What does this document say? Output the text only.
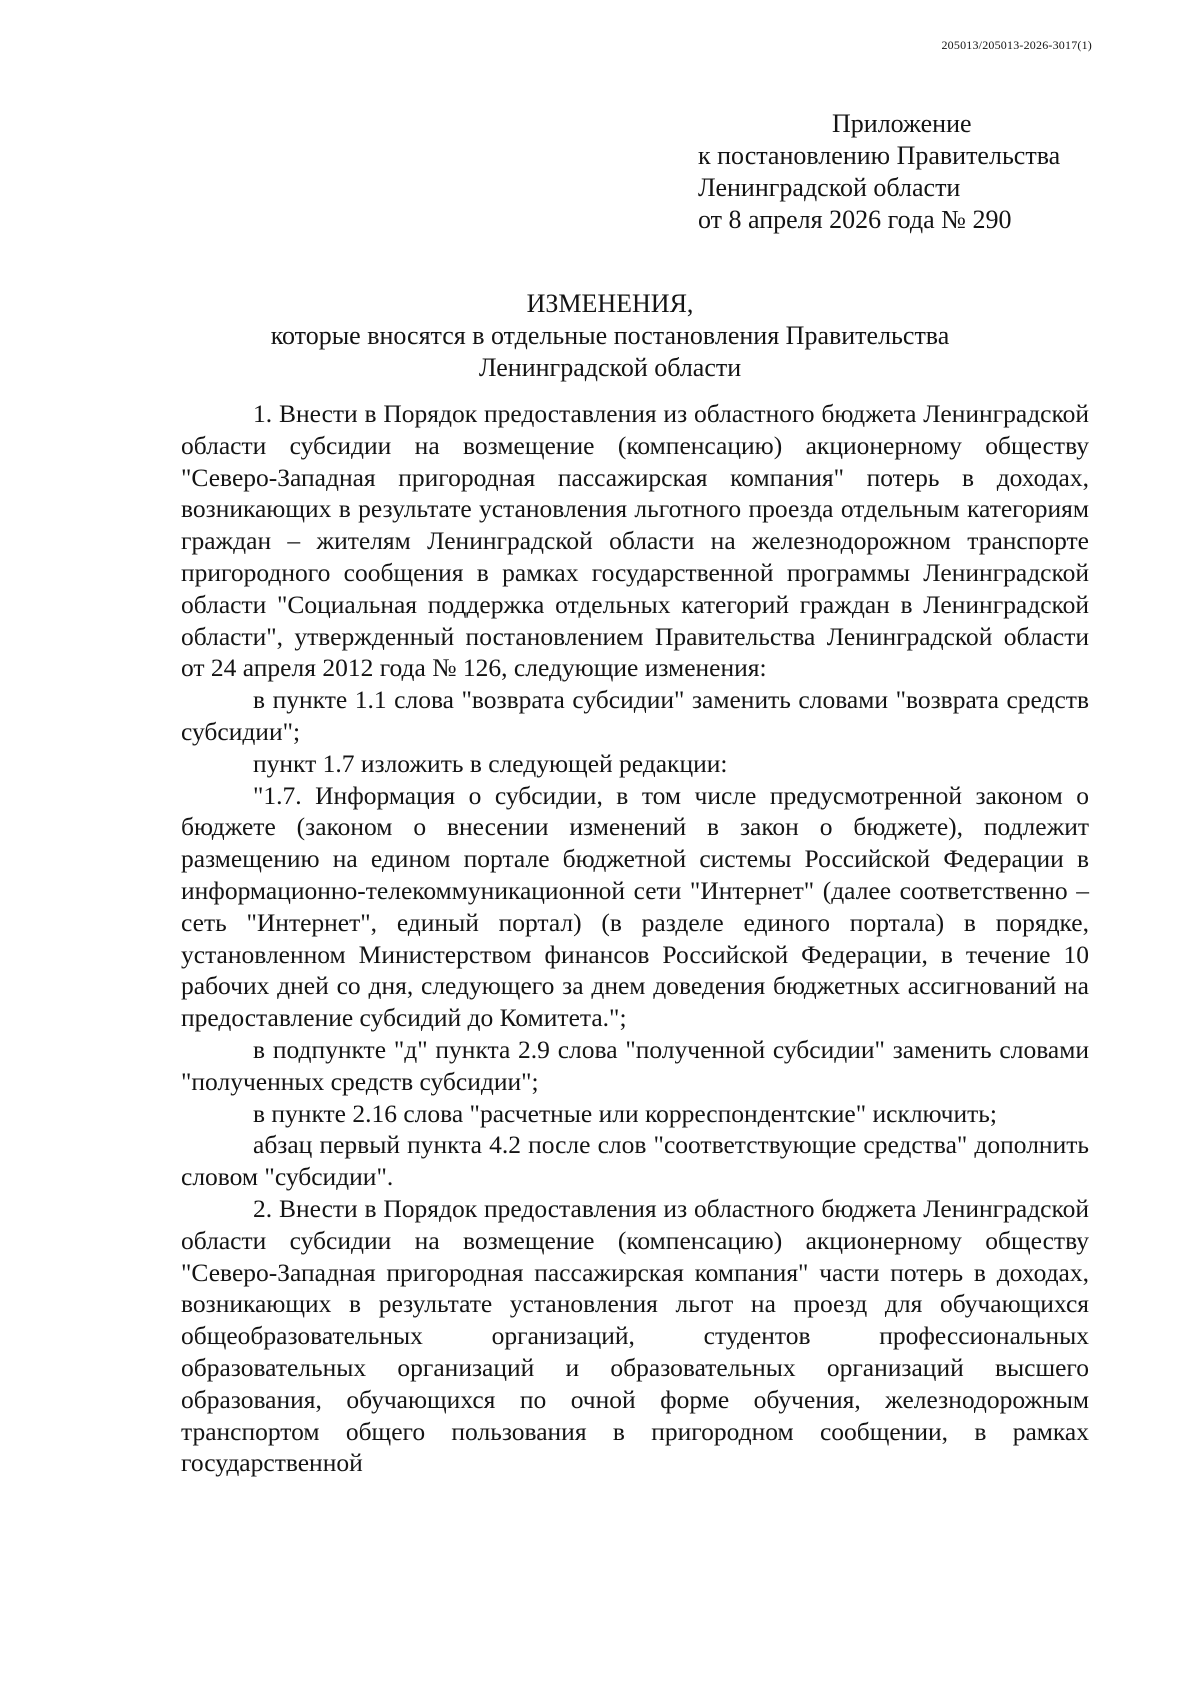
205013/205013-2026-3017(1)
Приложение
к постановлению Правительства
Ленинградской области
от 8 апреля 2026 года № 290
ИЗМЕНЕНИЯ,
которые вносятся в отдельные постановления Правительства
Ленинградской области

1. Внести в Порядок предоставления из областного бюджета Ленинградской области субсидии на возмещение (компенсацию) акционерному обществу "Северо-Западная пригородная пассажирская компания" потерь в доходах, возникающих в результате установления льготного проезда отдельным категориям граждан – жителям Ленинградской области на железнодорожном транспорте пригородного сообщения в рамках государственной программы Ленинградской области "Социальная поддержка отдельных категорий граждан в Ленинградской области", утвержденный постановлением Правительства Ленинградской области от 24 апреля 2012 года № 126, следующие изменения:

в пункте 1.1 слова "возврата субсидии" заменить словами "возврата средств субсидии";

пункт 1.7 изложить в следующей редакции:

"1.7. Информация о субсидии, в том числе предусмотренной законом о бюджете (законом о внесении изменений в закон о бюджете), подлежит размещению на едином портале бюджетной системы Российской Федерации в информационно-телекоммуникационной сети "Интернет" (далее соответственно – сеть "Интернет", единый портал) (в разделе единого портала) в порядке, установленном Министерством финансов Российской Федерации, в течение 10 рабочих дней со дня, следующего за днем доведения бюджетных ассигнований на предоставление субсидий до Комитета.";

в подпункте "д" пункта 2.9 слова "полученной субсидии" заменить словами "полученных средств субсидии";

в пункте 2.16 слова "расчетные или корреспондентские" исключить;

абзац первый пункта 4.2 после слов "соответствующие средства" дополнить словом "субсидии".

2. Внести в Порядок предоставления из областного бюджета Ленинградской области субсидии на возмещение (компенсацию) акционерному обществу "Северо-Западная пригородная пассажирская компания" части потерь в доходах, возникающих в результате установления льгот на проезд для обучающихся общеобразовательных организаций, студентов профессиональных образовательных организаций и образовательных организаций высшего образования, обучающихся по очной форме обучения, железнодорожным транспортом общего пользования в пригородном сообщении, в рамках государственной
